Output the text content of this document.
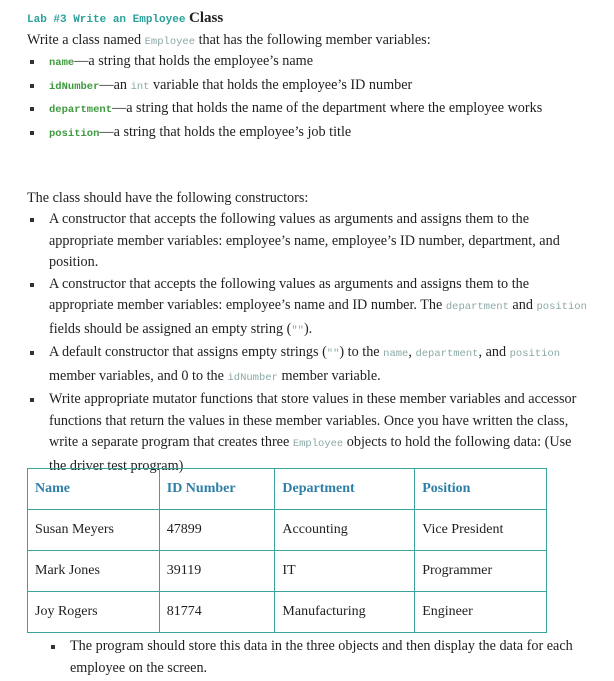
Lab #3 Write an Employee Class
Write a class named Employee that has the following member variables:
name—a string that holds the employee’s name
idNumber—an int variable that holds the employee’s ID number
department—a string that holds the name of the department where the employee works
position—a string that holds the employee’s job title
The class should have the following constructors:
A constructor that accepts the following values as arguments and assigns them to the appropriate member variables: employee’s name, employee’s ID number, department, and position.
A constructor that accepts the following values as arguments and assigns them to the appropriate member variables: employee’s name and ID number. The department and position fields should be assigned an empty string ("").
A default constructor that assigns empty strings ("") to the name, department, and position member variables, and 0 to the idNumber member variable.
Write appropriate mutator functions that store values in these member variables and accessor functions that return the values in these member variables. Once you have written the class, write a separate program that creates three Employee objects to hold the following data: (Use the driver test program)
Name	ID Number	Department	Position
Susan Meyers	47899	Accounting	Vice President
Mark Jones	39119	IT	Programmer
Joy Rogers	81774	Manufacturing	Engineer
The program should store this data in the three objects and then display the data for each employee on the screen.
